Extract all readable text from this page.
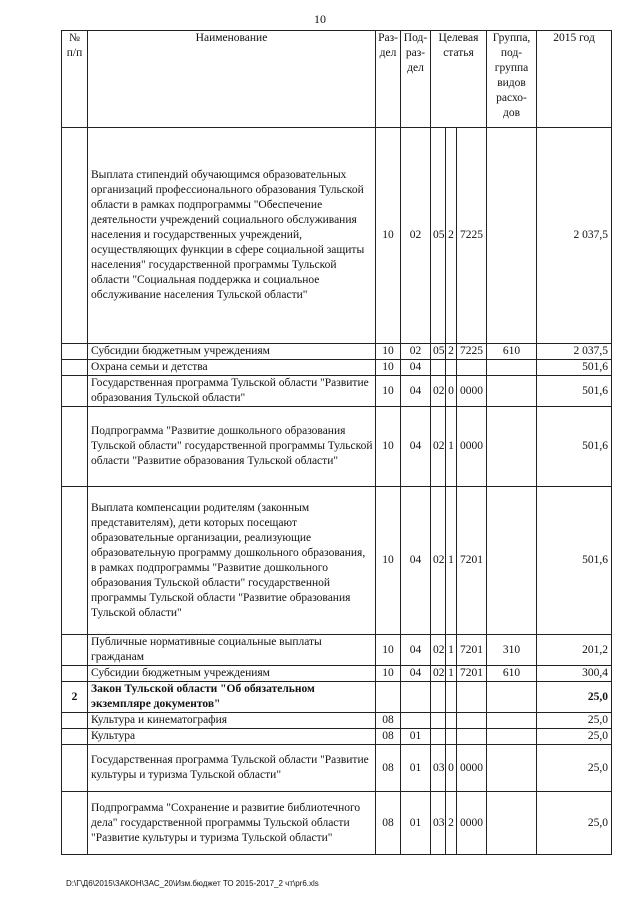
10
№ п/п	Наименование	Раз- дел	Под- раз- дел	Целевая статья			Группа, под- группа видов расхо- дов	2015 год
	Выплата стипендий обучающимся образовательных организаций профессионального образования Тульской области в рамках подпрограммы "Обеспечение деятельности учреждений социального обслуживания населения и государственных учреждений, осуществляющих функции в сфере социальной защиты населения" государственной программы Тульской области "Социальная поддержка и социальное обслуживание населения Тульской области"	10	02	05	2	7225		2 037,5
	Субсидии бюджетным учреждениям	10	02	05	2	7225	610	2 037,5
	Охрана семьи и детства	10	04					501,6
	Государственная программа Тульской области "Развитие образования Тульской области"	10	04	02	0	0000		501,6
	Подпрограмма "Развитие дошкольного образования Тульской области" государственной программы Тульской области "Развитие образования Тульской области"	10	04	02	1	0000		501,6
	Выплата компенсации родителям (законным представителям), дети которых посещают образовательные организации, реализующие образовательную программу дошкольного образования, в рамках подпрограммы "Развитие дошкольного образования Тульской области" государственной программы Тульской области "Развитие образования Тульской области"	10	04	02	1	7201		501,6
	Публичные нормативные социальные выплаты гражданам	10	04	02	1	7201	310	201,2
	Субсидии бюджетным учреждениям	10	04	02	1	7201	610	300,4
2	Закон Тульской области "Об обязательном экземпляре документов"							25,0
	Культура и кинематография	08						25,0
	Культура	08	01					25,0
	Государственная программа Тульской области "Развитие культуры и туризма Тульской области"	08	01	03	0	0000		25,0
	Подпрограмма "Сохранение и развитие библиотечного дела" государственной программы Тульской области "Развитие культуры и туризма Тульской области"	08	01	03	2	0000		25,0
D:\Г\Д6\2015\ЗАКОН\ЗАС_20\Изм.бюджет ТО 2015-2017_2 чт\pr6.xls
